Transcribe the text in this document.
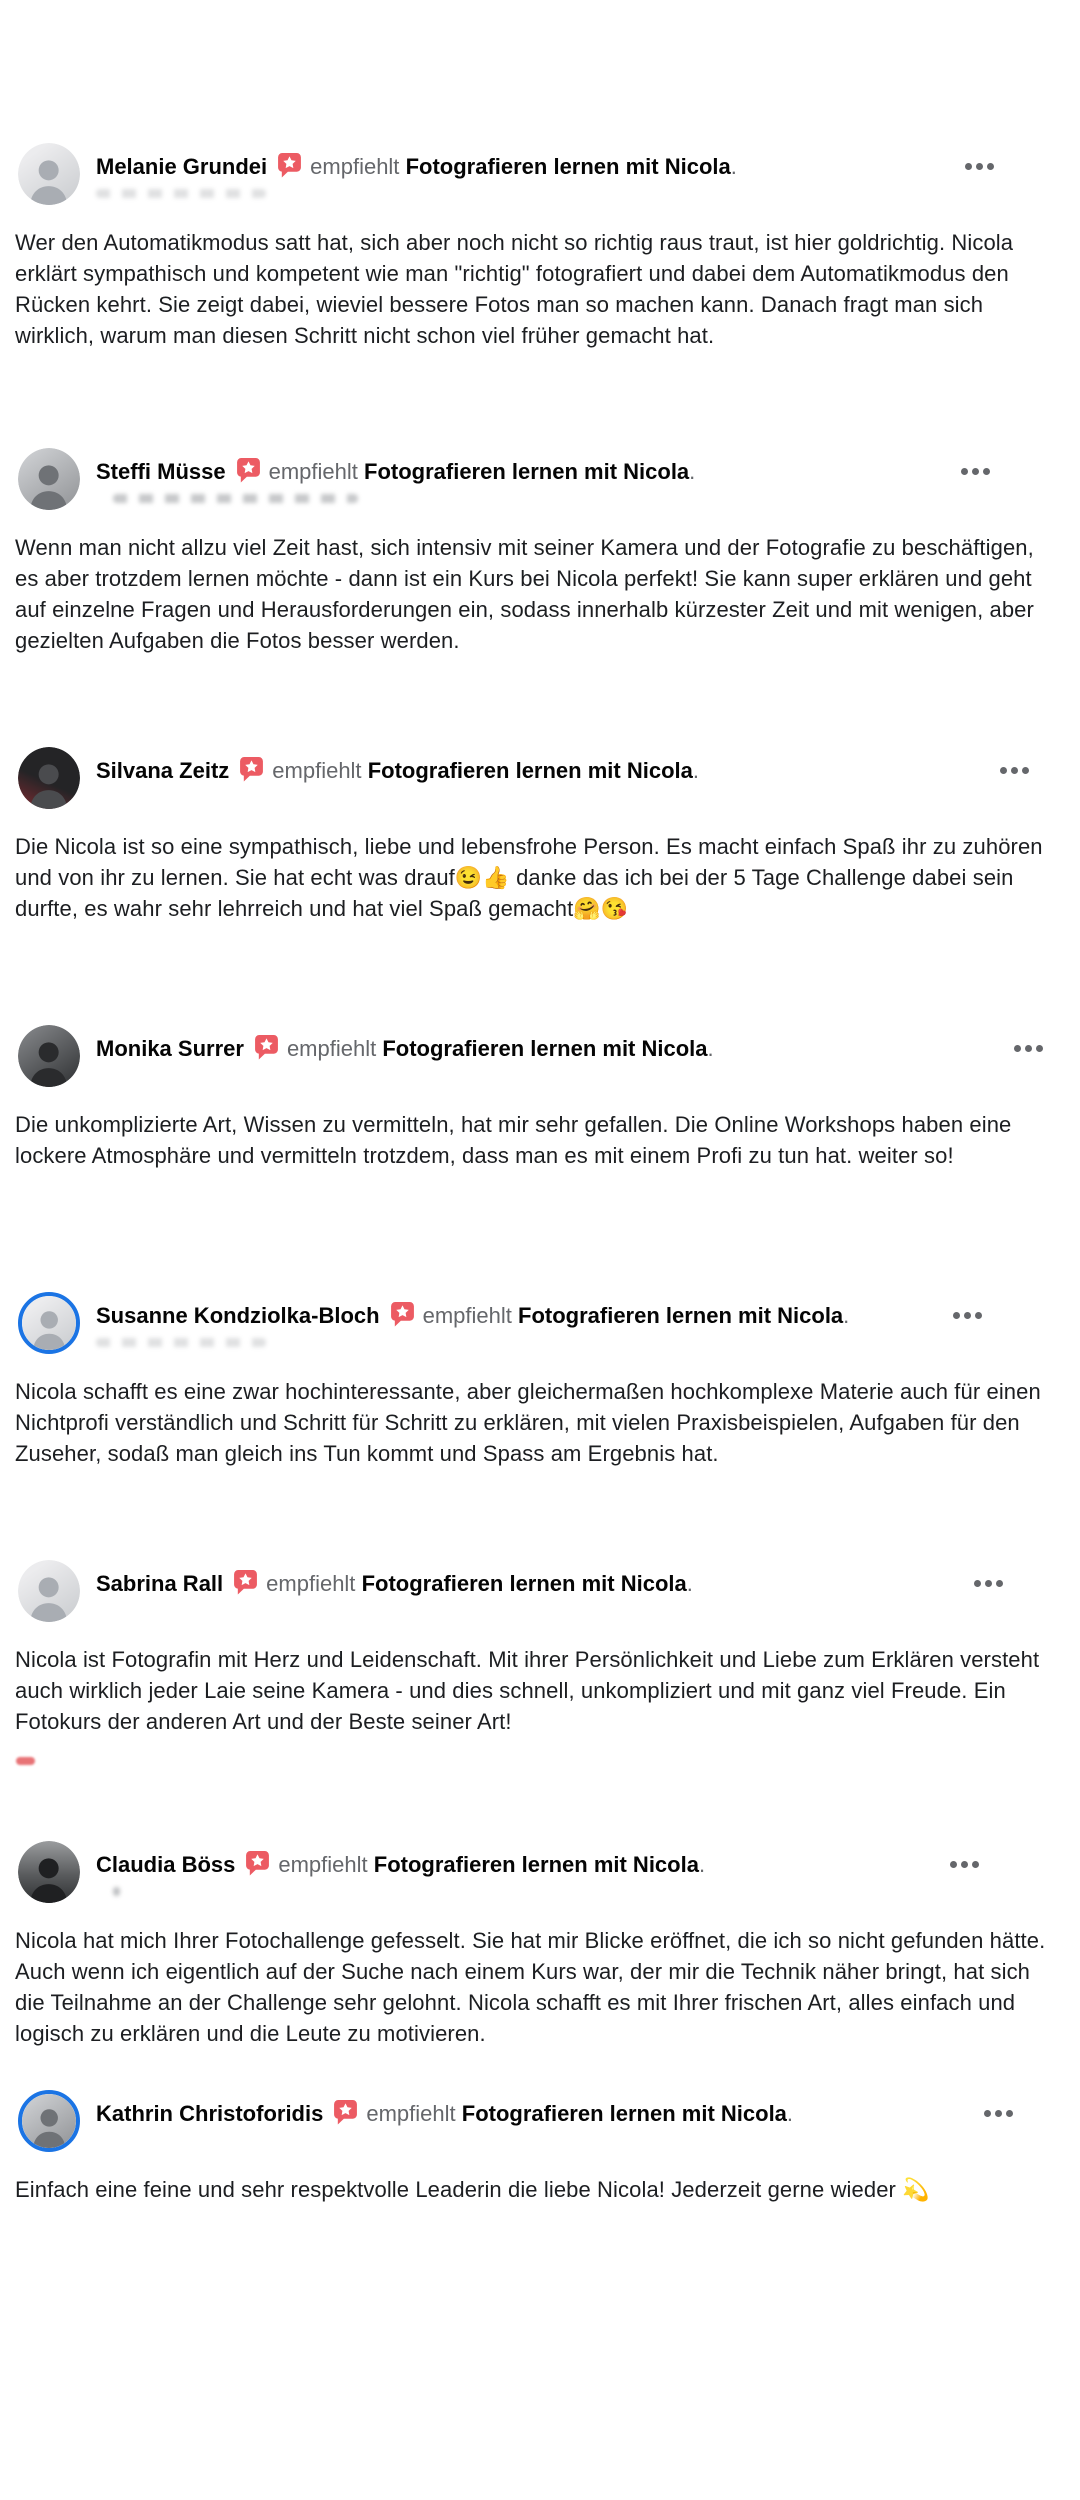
Melanie Grundei empfiehlt Fotografieren lernen mit Nicola.

Wer den Automatikmodus satt hat, sich aber noch nicht so richtig raus traut, ist hier goldrichtig. Nicola erklärt sympathisch und kompetent wie man "richtig" fotografiert und dabei dem Automatikmodus den Rücken kehrt. Sie zeigt dabei, wieviel bessere Fotos man so machen kann. Danach fragt man sich wirklich, warum man diesen Schritt nicht schon viel früher gemacht hat.

Steffi Müsse empfiehlt Fotografieren lernen mit Nicola.

Wenn man nicht allzu viel Zeit hast, sich intensiv mit seiner Kamera und der Fotografie zu beschäftigen, es aber trotzdem lernen möchte - dann ist ein Kurs bei Nicola perfekt! Sie kann super erklären und geht auf einzelne Fragen und Herausforderungen ein, sodass innerhalb kürzester Zeit und mit wenigen, aber gezielten Aufgaben die Fotos besser werden.

Silvana Zeitz empfiehlt Fotografieren lernen mit Nicola.

Die Nicola ist so eine sympathisch, liebe und lebensfrohe Person. Es macht einfach Spaß ihr zu zuhören und von ihr zu lernen. Sie hat echt was drauf😉👍 danke das ich bei der 5 Tage Challenge dabei sein durfte, es wahr sehr lehrreich und hat viel Spaß gemacht🤗😘

Monika Surrer empfiehlt Fotografieren lernen mit Nicola.

Die unkomplizierte Art, Wissen zu vermitteln, hat mir sehr gefallen. Die Online Workshops haben eine lockere Atmosphäre und vermitteln trotzdem, dass man es mit einem Profi zu tun hat. weiter so!

Susanne Kondziolka-Bloch empfiehlt Fotografieren lernen mit Nicola.

Nicola schafft es eine zwar hochinteressante, aber gleichermaßen hochkomplexe Materie auch für einen Nichtprofi verständlich und Schritt für Schritt zu erklären, mit vielen Praxisbeispielen, Aufgaben für den Zuseher, sodaß man gleich ins Tun kommt und Spass am Ergebnis hat.

Sabrina Rall empfiehlt Fotografieren lernen mit Nicola.

Nicola ist Fotografin mit Herz und Leidenschaft. Mit ihrer Persönlichkeit und Liebe zum Erklären versteht auch wirklich jeder Laie seine Kamera - und dies schnell, unkompliziert und mit ganz viel Freude. Ein Fotokurs der anderen Art und der Beste seiner Art!

Claudia Böss empfiehlt Fotografieren lernen mit Nicola.

Nicola hat mich Ihrer Fotochallenge gefesselt. Sie hat mir Blicke eröffnet, die ich so nicht gefunden hätte. Auch wenn ich eigentlich auf der Suche nach einem Kurs war, der mir die Technik näher bringt, hat sich die Teilnahme an der Challenge sehr gelohnt. Nicola schafft es mit Ihrer frischen Art, alles einfach und logisch zu erklären und die Leute zu motivieren.

Kathrin Christoforidis empfiehlt Fotografieren lernen mit Nicola.

Einfach eine feine und sehr respektvolle Leaderin die liebe Nicola! Jederzeit gerne wieder 💫
